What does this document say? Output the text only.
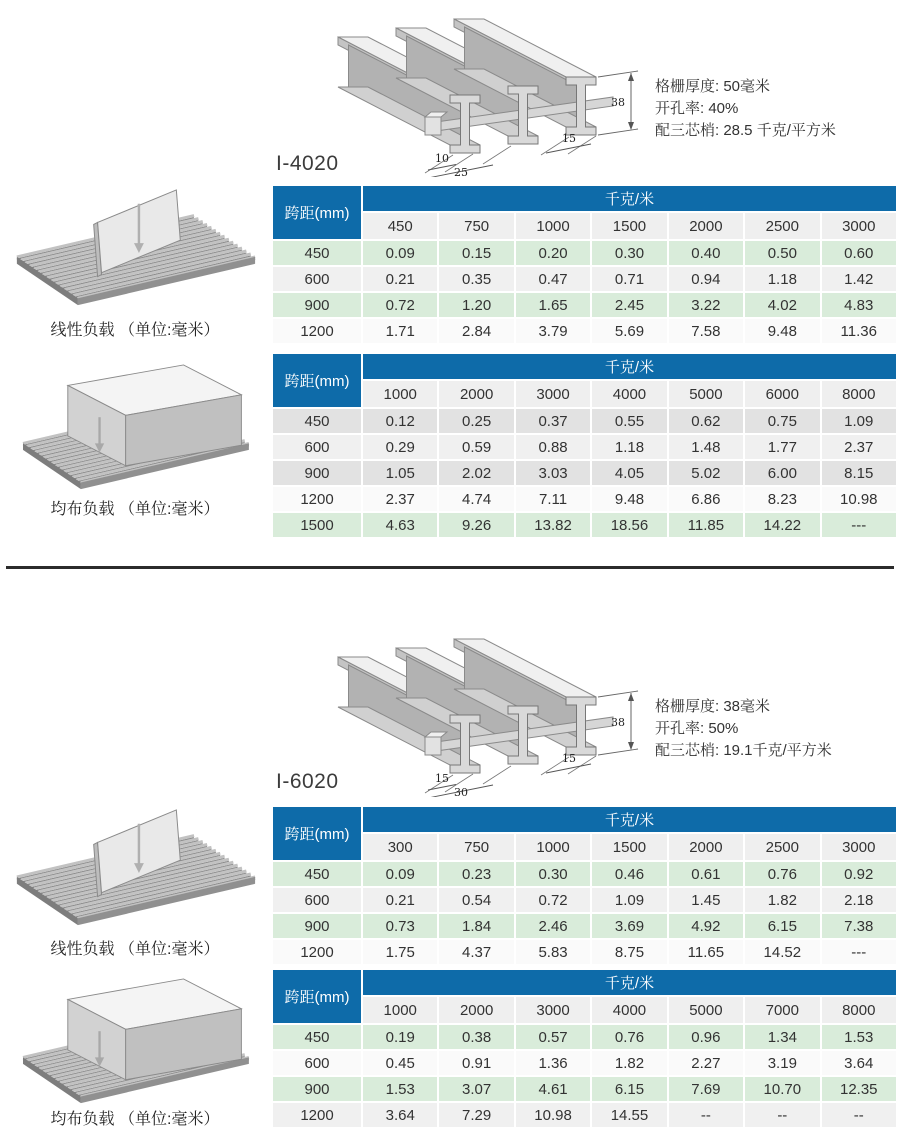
38
10
25
15
格栅厚度: 50毫米
开孔率: 40%
配三芯梢: 28.5 千克/平方米
I-4020
线性负载 （单位:毫米）
均布负载 （单位:毫米）
跨距(mm)	千克/米						
	450	750	1000	1500	2000	2500	3000
450	0.09	0.15	0.20	0.30	0.40	0.50	0.60
600	0.21	0.35	0.47	0.71	0.94	1.18	1.42
900	0.72	1.20	1.65	2.45	3.22	4.02	4.83
1200	1.71	2.84	3.79	5.69	7.58	9.48	11.36
跨距(mm)	千克/米						
	1000	2000	3000	4000	5000	6000	8000
450	0.12	0.25	0.37	0.55	0.62	0.75	1.09
600	0.29	0.59	0.88	1.18	1.48	1.77	2.37
900	1.05	2.02	3.03	4.05	5.02	6.00	8.15
1200	2.37	4.74	7.11	9.48	6.86	8.23	10.98
1500	4.63	9.26	13.82	18.56	11.85	14.22	---
38
15
30
15
格栅厚度: 38毫米
开孔率: 50%
配三芯梢: 19.1千克/平方米
I-6020
线性负载 （单位:毫米）
均布负载 （单位:毫米）
跨距(mm)	千克/米						
	300	750	1000	1500	2000	2500	3000
450	0.09	0.23	0.30	0.46	0.61	0.76	0.92
600	0.21	0.54	0.72	1.09	1.45	1.82	2.18
900	0.73	1.84	2.46	3.69	4.92	6.15	7.38
1200	1.75	4.37	5.83	8.75	11.65	14.52	---
跨距(mm)	千克/米						
	1000	2000	3000	4000	5000	7000	8000
450	0.19	0.38	0.57	0.76	0.96	1.34	1.53
600	0.45	0.91	1.36	1.82	2.27	3.19	3.64
900	1.53	3.07	4.61	6.15	7.69	10.70	12.35
1200	3.64	7.29	10.98	14.55	--	--	--
